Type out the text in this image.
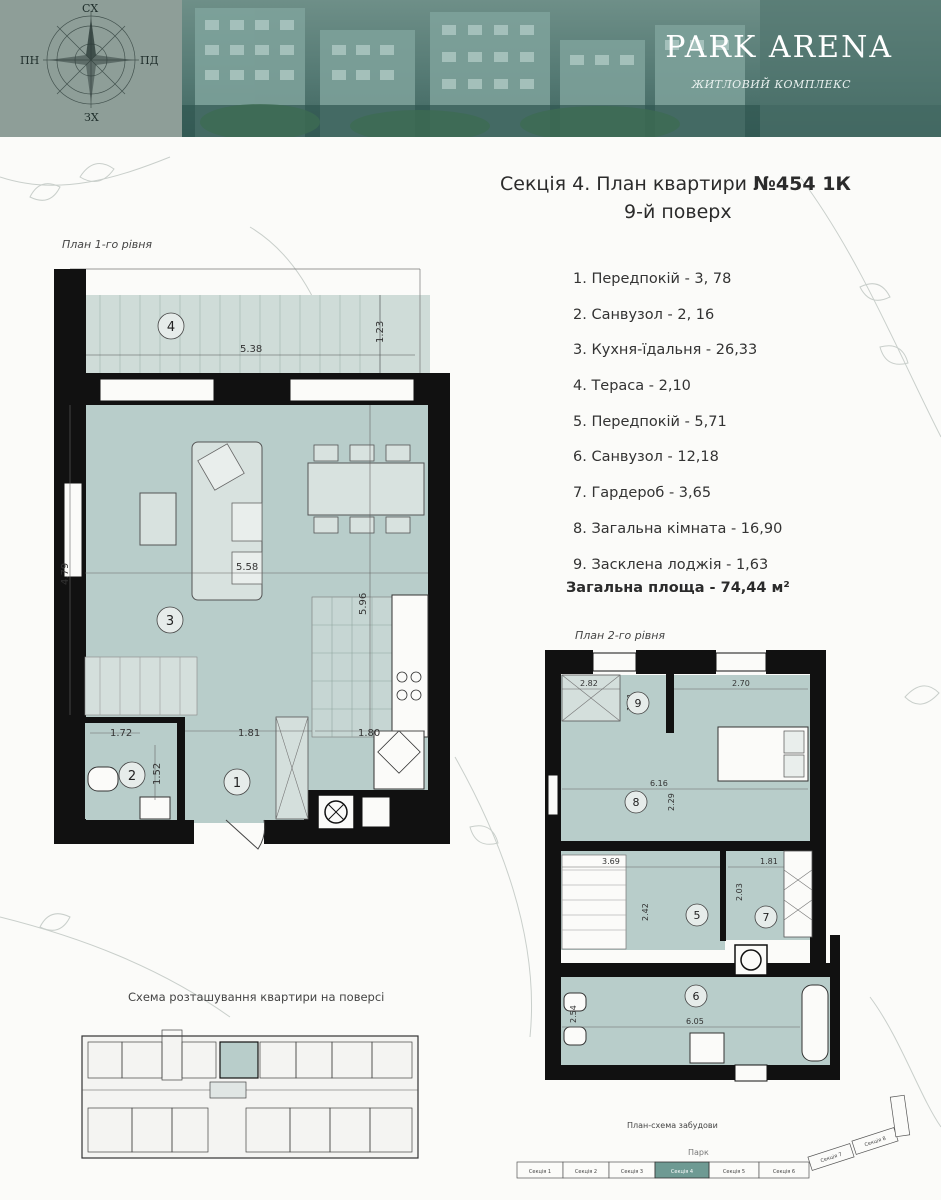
СХ
ЗХ
ПН	ПД	PARK ARENA
ЖИТЛОВИЙ КОМПЛЕКС
Секція 4. План квартири №454 1К
9-й поверх
1. Передпокій - 3, 78
2. Санвузол - 2, 16
3. Кухня-їдальня - 26,33
4. Тераса - 2,10
5. Передпокій - 5,71
6. Санвузол - 12,18
7. Гардероб - 3,65
8. Загальна кімната - 16,90
9. Засклена лоджія - 1,63
Загальна площа - 74,44 м²
План 1-го рівня
5.38
1.23
4.79	5.58
5.96
1.81	1.80
1.72
1.52
4
3
2	1
План 2-го рівня
2.82	2.70
6.16
2.29
3.69
2.42
1.81
2.03
2.54	6.05
9
8
5	7
6
Схема розташування квартири на поверсі
План-схема забудови
Парк
Секція 1	Секція 2	Секція 3	Секція 4	Секція 5	Секція 6
Секція 7
Секція 8
